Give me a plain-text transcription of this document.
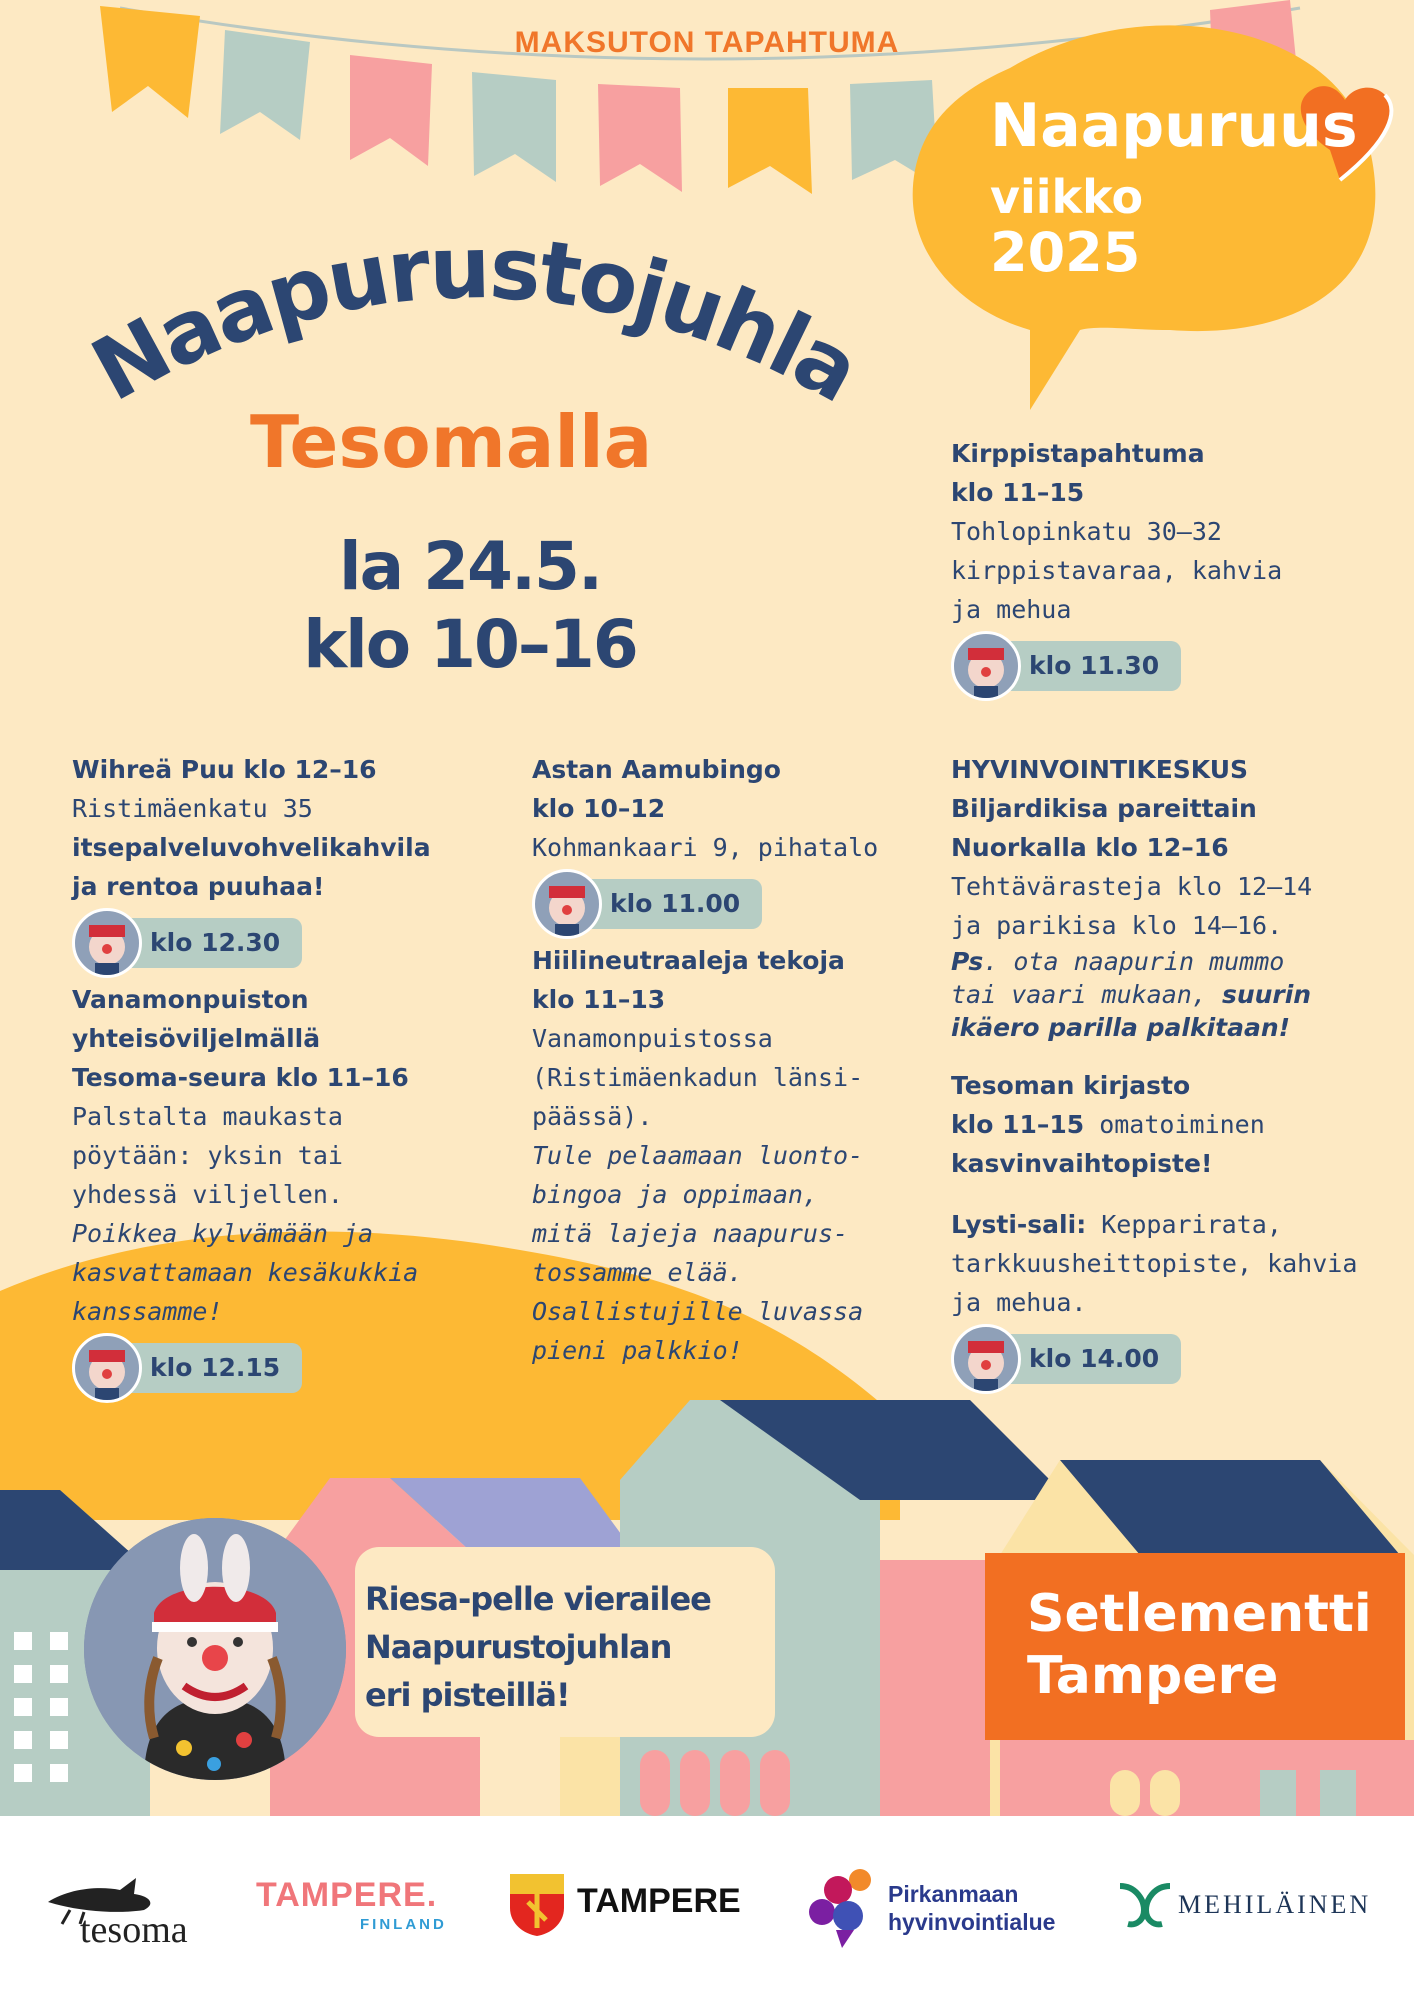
Naapurustojuhla
MAKSUTON TAPAHTUMA
Naapuruus
viikko
2025
Tesomalla
la 24.5.
klo 10–16

Kirppistapahtuma

klo 11–15

Tohlopinkatu 30–32

kirppistavaraa, kahvia

ja mehua

klo 11.30

Wihreä Puu klo 12–16

Ristimäenkatu 35

itsepalveluvohvelikahvila

ja rentoa puuhaa!

klo 12.30

Vanamonpuiston

yhteisöviljelmällä

Tesoma-seura klo 11–16

Palstalta maukasta

pöytään: yksin tai

yhdessä viljellen.

Poikkea kylvämään ja

kasvattamaan kesäkukkia

kanssamme!

klo 12.15

Astan Aamubingo

klo 10–12

Kohmankaari 9, pihatalo

klo 11.00

Hiilineutraaleja tekoja

klo 11–13

Vanamonpuistossa

(Ristimäenkadun länsi-

päässä).

Tule pelaamaan luonto-

bingoa ja oppimaan,

mitä lajeja naapurus-

tossamme elää.

Osallistujille luvassa

pieni palkkio!

HYVINVOINTIKESKUS

Biljardikisa pareittain

Nuorkalla klo 12–16

Tehtävärasteja klo 12–14

ja parikisa klo 14–16.

Ps. ota naapurin mummo

tai vaari mukaan, suurin

ikäero parilla palkitaan!

Tesoman kirjasto

klo 11–15 omatoiminen

kasvinvaihtopiste!

Lysti-sali: Kepparirata,

tarkkuusheittopiste, kahvia

ja mehua.

klo 14.00
Riesa-pelle vierailee
Naapurustojuhlan
eri pisteillä!
Setlementti
Tampere
tesoma
TAMPERE.
FINLAND
TAMPERE	Pirkanmaan
hyvinvointialue
MEHILÄINEN
